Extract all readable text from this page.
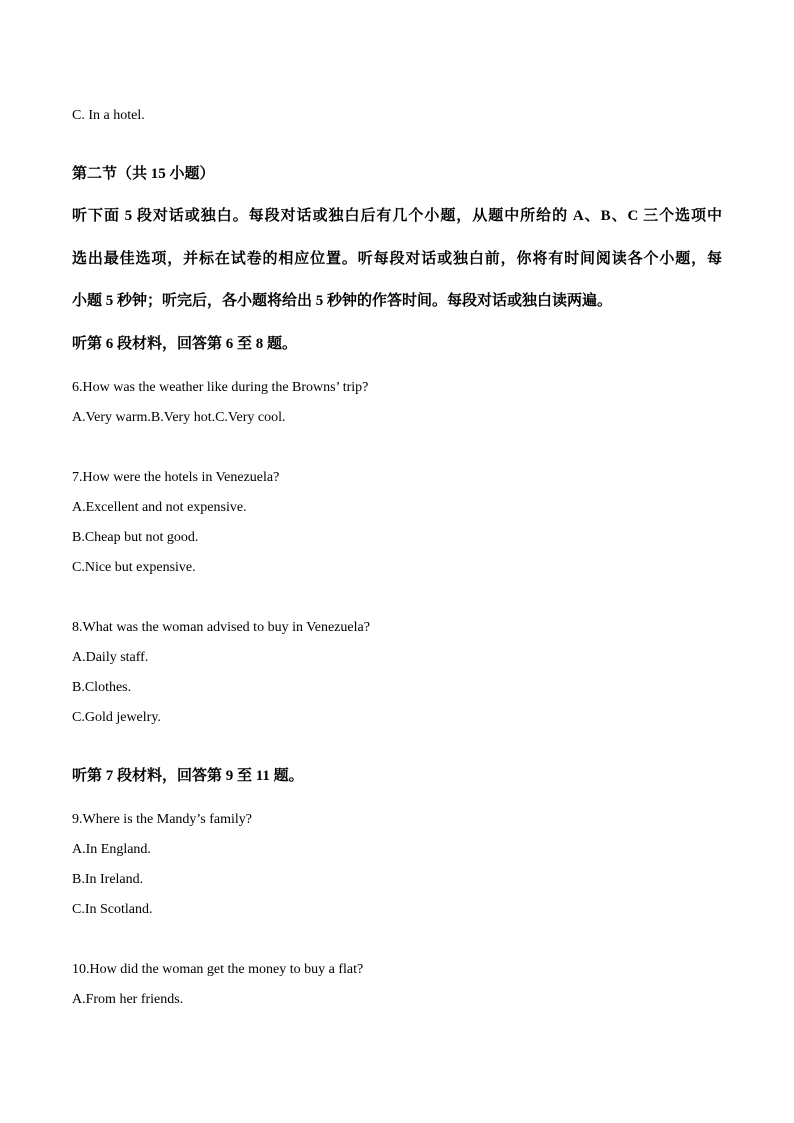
C. In a hotel.
第二节（共 15 小题）
听下面 5 段对话或独白。每段对话或独白后有几个小题，从题中所给的 A、B、C 三个选项中
选出最佳选项，并标在试卷的相应位置。听每段对话或独白前，你将有时间阅读各个小题，每
小题 5 秒钟；听完后，各小题将给出 5 秒钟的作答时间。每段对话或独白读两遍。
听第 6 段材料，回答第 6 至 8 题。
6.How was the weather like during the Browns’ trip?
A.Very warm.B.Very hot.C.Very cool.
7.How were the hotels in Venezuela?
A.Excellent and not expensive.
B.Cheap but not good.
C.Nice but expensive.
8.What was the woman advised to buy in Venezuela?
A.Daily staff.
B.Clothes.
C.Gold jewelry.
听第 7 段材料，回答第 9 至 11 题。
9.Where is the Mandy’s family?
A.In England.
B.In Ireland.
C.In Scotland.
10.How did the woman get the money to buy a flat?
A.From her friends.
